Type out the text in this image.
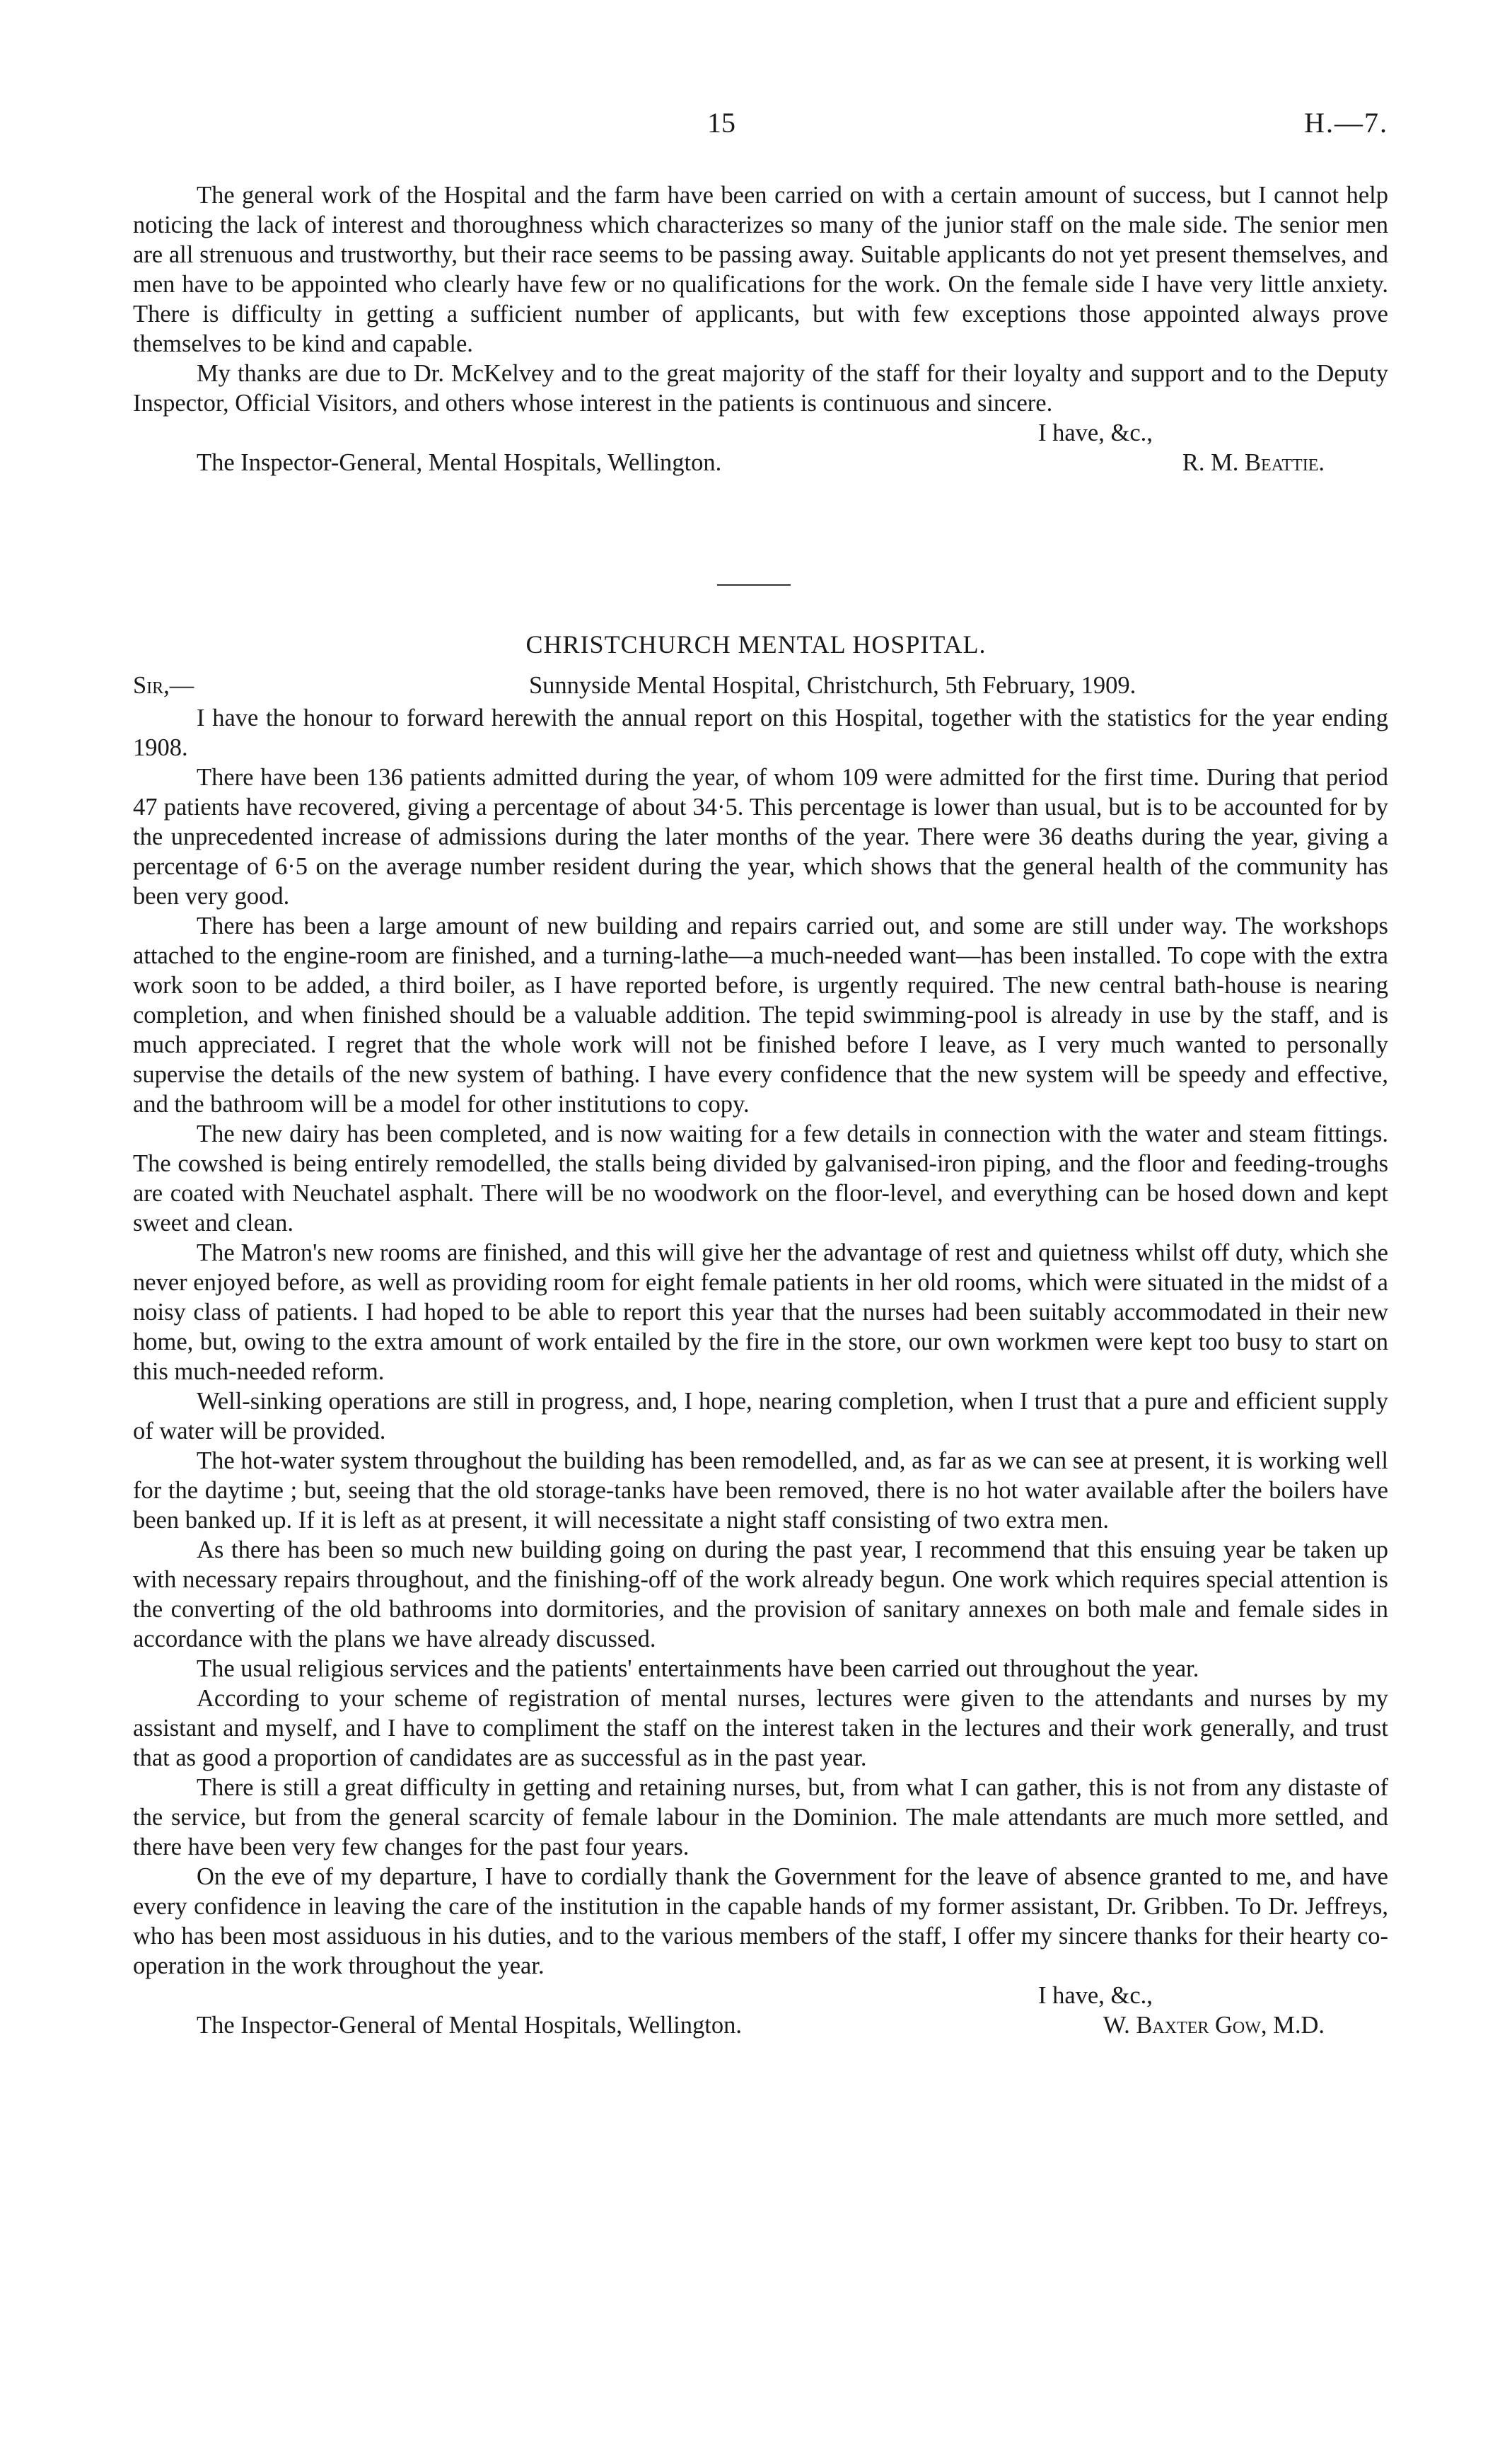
15	H.—7.

The general work of the Hospital and the farm have been carried on with a certain amount of success, but I cannot help noticing the lack of interest and thoroughness which characterizes so many of the junior staff on the male side. The senior men are all strenuous and trustworthy, but their race seems to be passing away. Suitable applicants do not yet present themselves, and men have to be appointed who clearly have few or no qualifications for the work. On the female side I have very little anxiety. There is difficulty in getting a sufficient number of applicants, but with few exceptions those appointed always prove themselves to be kind and capable.

My thanks are due to Dr. McKelvey and to the great majority of the staff for their loyalty and support and to the Deputy Inspector, Official Visitors, and others whose interest in the patients is continuous and sincere.

I have, &c.,
The Inspector-General, Mental Hospitals, Wellington.	R. M. Beattie.
CHRISTCHURCH MENTAL HOSPITAL.
Sir,—	Sunnyside Mental Hospital, Christchurch, 5th February, 1909.

I have the honour to forward herewith the annual report on this Hospital, together with the statistics for the year ending 1908.

There have been 136 patients admitted during the year, of whom 109 were admitted for the first time. During that period 47 patients have recovered, giving a percentage of about 34·5. This percentage is lower than usual, but is to be accounted for by the unprecedented increase of admissions during the later months of the year. There were 36 deaths during the year, giving a percentage of 6·5 on the average number resident during the year, which shows that the general health of the community has been very good.

There has been a large amount of new building and repairs carried out, and some are still under way. The workshops attached to the engine-room are finished, and a turning-lathe—a much-needed want—has been installed. To cope with the extra work soon to be added, a third boiler, as I have reported before, is urgently required. The new central bath-house is nearing completion, and when finished should be a valuable addition. The tepid swimming-pool is already in use by the staff, and is much appreciated. I regret that the whole work will not be finished before I leave, as I very much wanted to personally supervise the details of the new system of bathing. I have every confidence that the new system will be speedy and effective, and the bathroom will be a model for other institutions to copy.

The new dairy has been completed, and is now waiting for a few details in connection with the water and steam fittings. The cowshed is being entirely remodelled, the stalls being divided by galvanised-iron piping, and the floor and feeding-troughs are coated with Neuchatel asphalt. There will be no woodwork on the floor-level, and everything can be hosed down and kept sweet and clean.

The Matron's new rooms are finished, and this will give her the advantage of rest and quietness whilst off duty, which she never enjoyed before, as well as providing room for eight female patients in her old rooms, which were situated in the midst of a noisy class of patients. I had hoped to be able to report this year that the nurses had been suitably accommodated in their new home, but, owing to the extra amount of work entailed by the fire in the store, our own workmen were kept too busy to start on this much-needed reform.

Well-sinking operations are still in progress, and, I hope, nearing completion, when I trust that a pure and efficient supply of water will be provided.

The hot-water system throughout the building has been remodelled, and, as far as we can see at present, it is working well for the daytime ; but, seeing that the old storage-tanks have been removed, there is no hot water available after the boilers have been banked up. If it is left as at present, it will necessitate a night staff consisting of two extra men.

As there has been so much new building going on during the past year, I recommend that this ensuing year be taken up with necessary repairs throughout, and the finishing-off of the work already begun. One work which requires special attention is the converting of the old bathrooms into dormitories, and the provision of sanitary annexes on both male and female sides in accordance with the plans we have already discussed.

The usual religious services and the patients' entertainments have been carried out throughout the year.

According to your scheme of registration of mental nurses, lectures were given to the attendants and nurses by my assistant and myself, and I have to compliment the staff on the interest taken in the lectures and their work generally, and trust that as good a proportion of candidates are as successful as in the past year.

There is still a great difficulty in getting and retaining nurses, but, from what I can gather, this is not from any distaste of the service, but from the general scarcity of female labour in the Dominion. The male attendants are much more settled, and there have been very few changes for the past four years.

On the eve of my departure, I have to cordially thank the Government for the leave of absence granted to me, and have every confidence in leaving the care of the institution in the capable hands of my former assistant, Dr. Gribben. To Dr. Jeffreys, who has been most assiduous in his duties, and to the various members of the staff, I offer my sincere thanks for their hearty co-operation in the work throughout the year.

I have, &c.,
The Inspector-General of Mental Hospitals, Wellington.	W. Baxter Gow, M.D.
